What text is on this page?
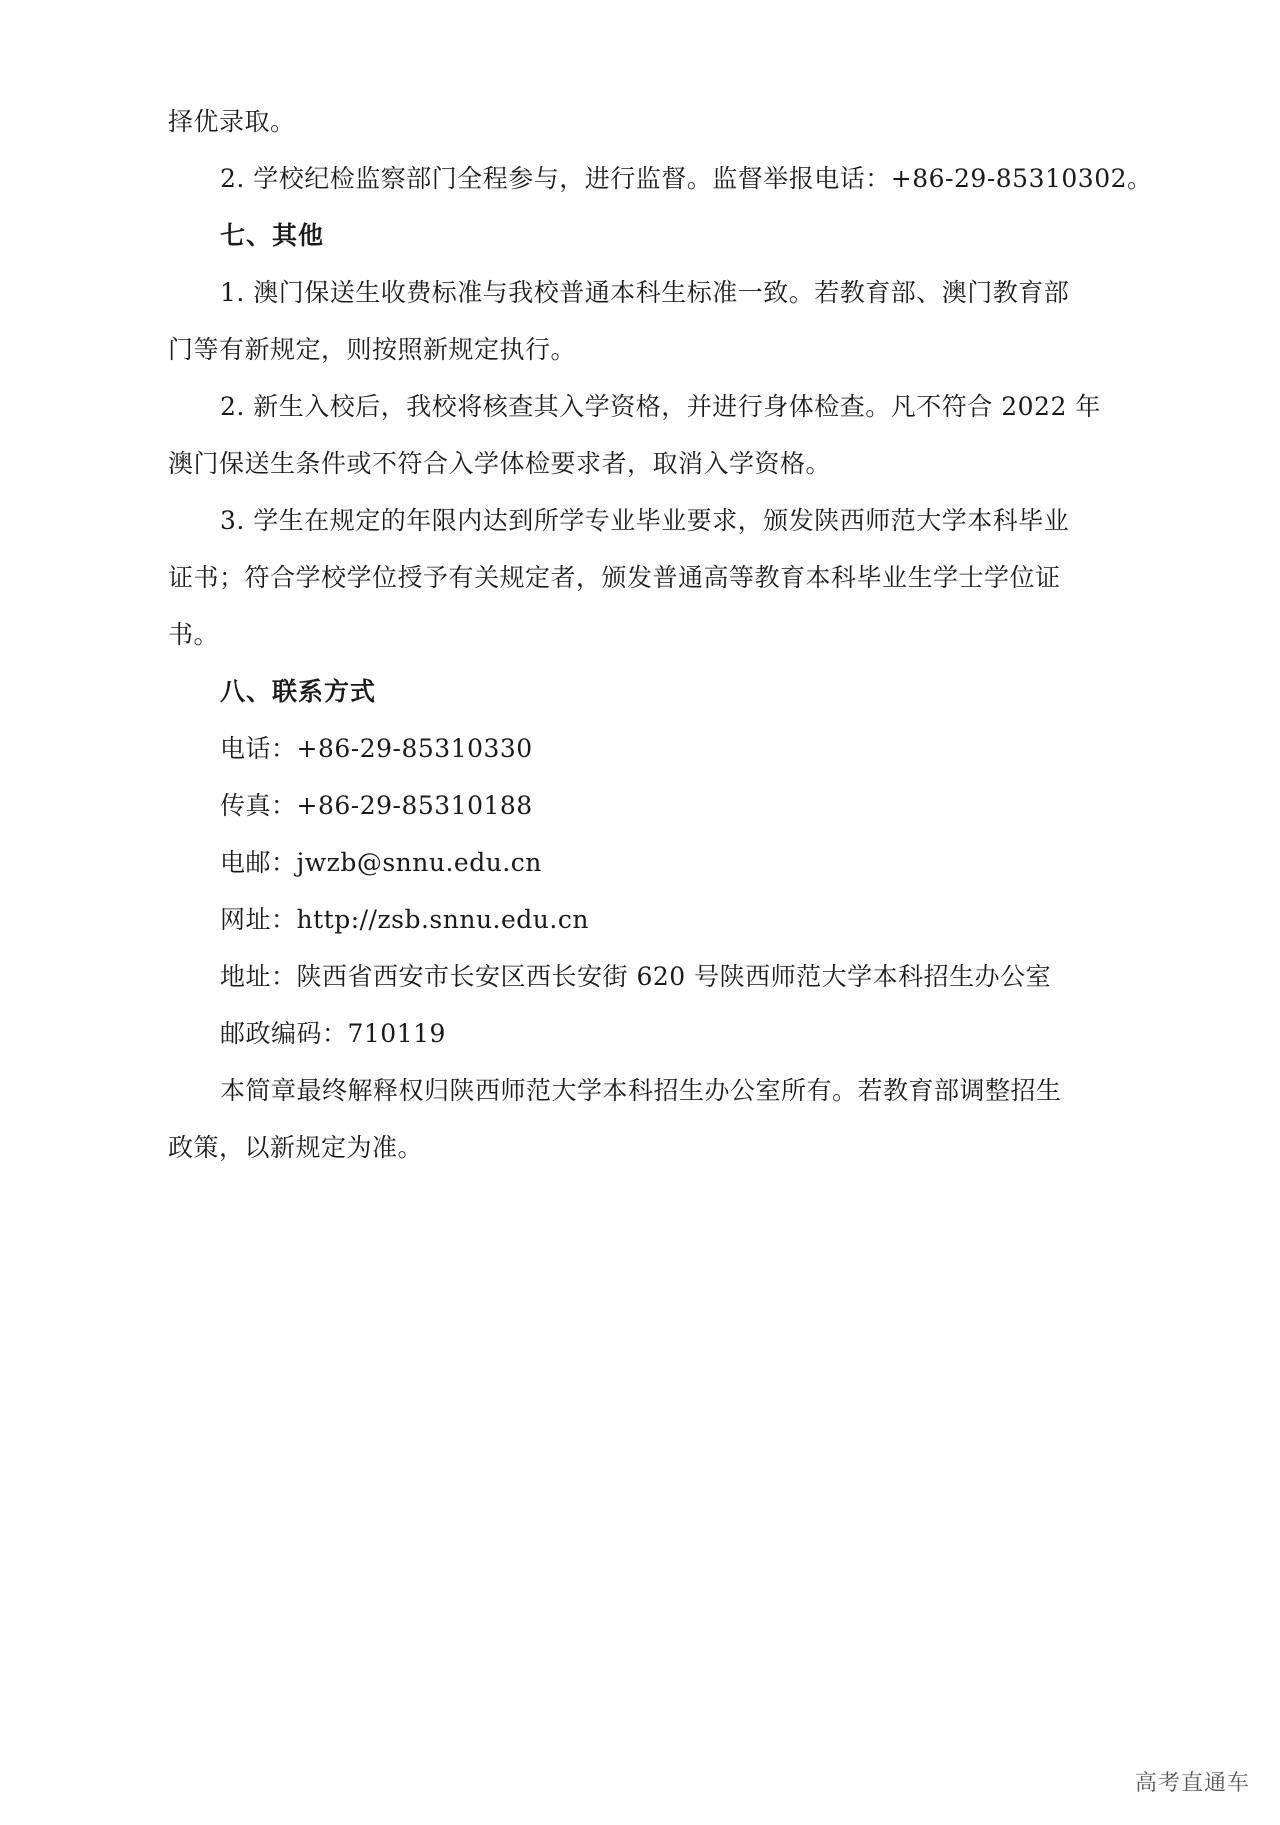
择优录取。
2. 学校纪检监察部门全程参与，进行监督。监督举报电话：+86-29-85310302。
七、其他
1. 澳门保送生收费标准与我校普通本科生标准一致。若教育部、澳门教育部
门等有新规定，则按照新规定执行。
2. 新生入校后，我校将核查其入学资格，并进行身体检查。凡不符合 2022 年
澳门保送生条件或不符合入学体检要求者，取消入学资格。
3. 学生在规定的年限内达到所学专业毕业要求，颁发陕西师范大学本科毕业
证书；符合学校学位授予有关规定者，颁发普通高等教育本科毕业生学士学位证
书。
八、联系方式
电话：+86-29-85310330
传真：+86-29-85310188
电邮：jwzb@snnu.edu.cn
网址：http://zsb.snnu.edu.cn
地址：陕西省西安市长安区西长安街 620 号陕西师范大学本科招生办公室
邮政编码：710119
本简章最终解释权归陕西师范大学本科招生办公室所有。若教育部调整招生
政策，以新规定为准。
高考直通车
